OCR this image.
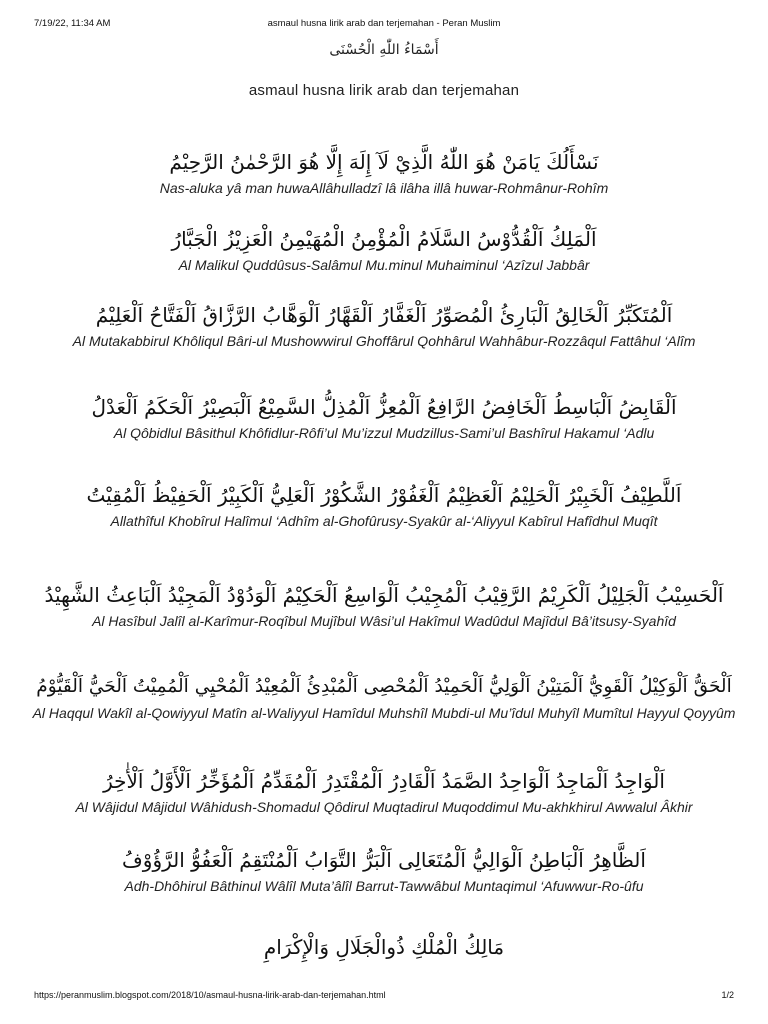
7/19/22, 11:34 AM	asmaul husna lirik arab dan terjemahan - Peran Muslim
أَسْمَاءُ اللّٰهِ الْحُسْنَى
asmaul husna lirik arab dan terjemahan
نَسْأَلُكَ يَامَنْ هُوَ اللّٰهُ الَّذِيْ لَآ إِلَهَ إِلَّا هُوَ الرَّحْمٰنُ الرَّحِيْمُ
Nas-aluka yâ man huwaAllâhulladzî lâ ilâha illâ huwar-Rohmânur-Rohîm
اَلْمَلِكُ اَلْقُدُّوْسُ السَّلَامُ الْمُؤْمِنُ الْمُهَيْمِنُ الْعَزِيْزُ الْجَبَّارُ
Al Malikul Quddûsus-Salâmul Mu.minul Muhaiminul ‘Azîzul Jabbâr
اَلْمُتَكَبِّرُ اَلْخَالِقُ اَلْبَارِئُ الْمُصَوِّرُ اَلْغَفَّارُ اَلْقَهَّارُ اَلْوَهَّابُ الرَّزَّاقُ اَلْفَتَّاحُ اَلْعَلِيْمُ
Al Mutakabbirul Khôliqul Bâri-ul Mushowwirul Ghoffârul Qohhârul Wahhâbur-Rozzâqul Fattâhul ‘Alîm
اَلْقَابِضُ اَلْبَاسِطُ اَلْخَافِضُ الرَّافِعُ اَلْمُعِزُّ اَلْمُذِلُّ السَّمِيْعُ اَلْبَصِيْرُ اَلْحَكَمُ اَلْعَدْلُ
Al Qôbidlul Bâsithul Khôfidlur-Rôfi’ul Mu’izzul Mudzillus-Sami’ul Bashîrul Hakamul ‘Adlu
اَللَّطِيْفُ اَلْخَبِيْرُ اَلْحَلِيْمُ اَلْعَظِيْمُ اَلْغَفُوْرُ الشَّكُوْرُ اَلْعَلِيُّ اَلْكَبِيْرُ اَلْحَفِيْظُ اَلْمُقِيْتُ
Allathîful Khobîrul Halîmul ‘Adhîm al-Ghofûrusy-Syakûr al-‘Aliyyul Kabîrul Hafîdhul Muqît
اَلْحَسِيْبُ اَلْجَلِيْلُ اَلْكَرِيْمُ الرَّقِيْبُ اَلْمُجِيْبُ اَلْوَاسِعُ اَلْحَكِيْمُ اَلْوَدُوْدُ اَلْمَجِيْدُ اَلْبَاعِثُ الشَّهِيْدُ
Al Hasîbul Jalîl al-Karîmur-Roqîbul Mujîbul Wâsi’ul Hakîmul Wadûdul Majîdul Bâ’itsusy-Syahîd
اَلْحَقُّ اَلْوَكِيْلُ اَلْقَوِيُّ اَلْمَتِيْنُ اَلْوَلِيُّ اَلْحَمِيْدُ اَلْمُحْصِى اَلْمُبْدِئُ اَلْمُعِيْدُ اَلْمُحْيِي اَلْمُمِيْتُ اَلْحَيُّ اَلْقَيُّوْمُ
Al Haqqul Wakîl al-Qowiyyul Matîn al-Waliyyul Hamîdul Muhshîl Mubdi-ul Mu’îdul Muhyîl Mumîtul Hayyul Qoyyûm
اَلْوَاجِدُ اَلْمَاجِدُ اَلْوَاحِدُ الصَّمَدُ اَلْقَادِرُ اَلْمُقْتَدِرُ اَلْمُقَدِّمُ اَلْمُؤَخِّرُ اَلْأَوَّلُ اَلْأٰخِرُ
Al Wâjidul Mâjidul Wâhidush-Shomadul Qôdirul Muqtadirul Muqoddimul Mu-akhkhirul Awwalul Âkhir
اَلظَّاهِرُ اَلْبَاطِنُ اَلْوَالِيُّ اَلْمُتَعَالِى اَلْبَرُّ التَّوَابُ اَلْمُنْتَقِمُ اَلْعَفُوُّ الرَّؤُوْفُ
Adh-Dhôhirul Bâthinul Wâlîl Muta’âlîl Barrut-Tawwâbul Muntaqimul ‘Afuwwur-Ro-ûfu
مَالِكُ الْمُلْكِ ذُوالْجَلَالِ وَالْإِكْرَامِ
https://peranmuslim.blogspot.com/2018/10/asmaul-husna-lirik-arab-dan-terjemahan.html	1/2
